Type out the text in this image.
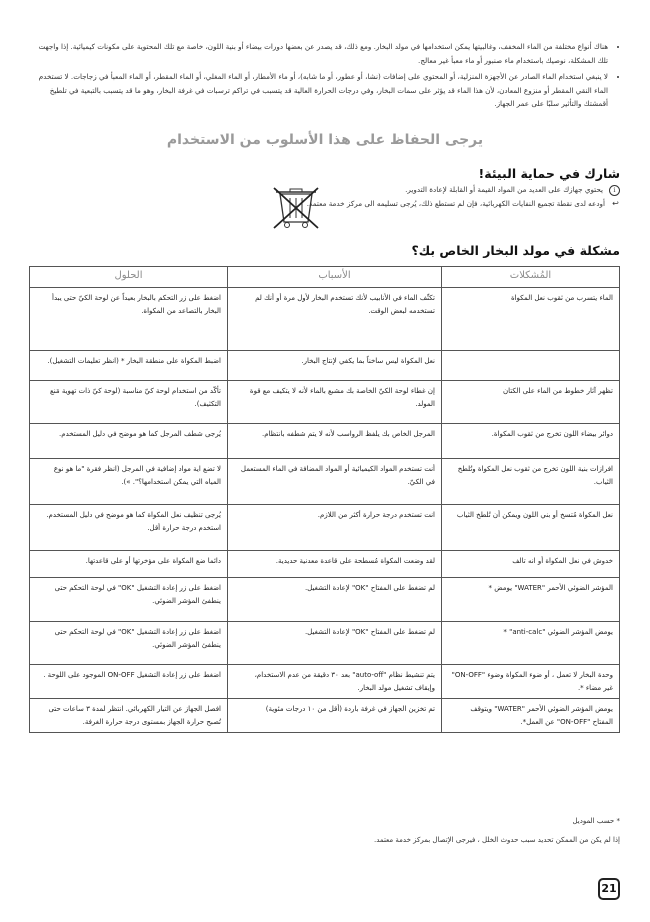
• هناك أنواع مختلفة من الماء المخفف، وغالبيتها يمكن استخدامها في مولد البخار. ومع ذلك، قد يصدر عن بعضها دورات بيضاء أو بنية اللون، خاصة مع تلك المحتوية على مكونات كيميائية. إذا واجهت تلك المشكلة، نوصيك باستخدام ماء صنبور أو ماء معبأ غير معالج.
• لا ينبغي استخدام الماء الصادر عن الأجهزة المنزلية، أو المحتوي على إضافات (نشا، أو عطور، أو ما شابه)، أو ماء الأمطار، أو الماء المغلي، أو الماء المقطر، أو الماء المعبأ في زجاجات. لا تستخدم الماء النقي المقطر أو منزوع المعادن، لأن هذا الماء قد يؤثر على سمات البخار، وفي درجات الحرارة العالية قد يتسبب في تراكم ترسبات في غرفة البخار، وهو ما قد يتسبب بالتبعية في تلطيخ أقمشتك والتأثير سلبًا على عمر الجهاز.
يرجى الحفاظ على هذا الأسلوب من الاستخدام
شارك في حماية البيئة!
i
يحتوي جهازك على العديد من المواد القيمة أو القابلة لإعادة التدوير.
↩
أودعه لدى نقطة تجميع النفايات الكهربائية، فإن لم تستطع ذلك، يُرجى تسليمه الى مركز خدمة معتمد.
مشكلة في مولد البخار الخاص بك؟
المُشكلات	الأسباب	الحلول
الماء يتسرب من ثقوب نعل المكواة	تكثّف الماء في الأنابيب لأنك تستخدم البخار لأول مرة أو أنك لم تستخدمه لبعض الوقت.	اضغط على زر التحكم بالبخار بعيداً عن لوحة الكيّ حتى يبدأ البخار بالتصاعد من المكواة.
	نعل المكواة ليس ساخناً بما يكفي لإنتاج البخار.	اضبط المكواة على منطقة البخار * (انظر تعليمات التشغيل).
تظهر آثار خطوط من الماء على الكتان	إن غطاء لوحة الكيّ الخاصة بك مشبع بالماء لأنه لا يتكيف مع قوة المولد.	تأكّد من استخدام لوحة كيّ مناسبة (لوحة كيّ ذات تهوية مَنع التكثيف).
دوائر بيضاء اللون تخرج من ثقوب المكواة.	المرجل الخاص بك يلفظ الرواسب لأنه لا يتم شطفه بانتظام.	يُرجى شطف المرجل كما هو موضح في دليل المستخدم.
افرازات بنية اللون تخرج من ثقوب نعل المكواة وتُلطخ الثياب.	أنت تستخدم المواد الكيميائية أو المواد المضافة في الماء المستعمل في الكيّ.	لا تضع اية مواد إضافية في المرجل (انظر فقرة "ما هو نوع المياه التي يمكن استخدامها؟". »).
نعل المكواة مُتسخ أو بني اللون ويمكن أن تُلطخ الثياب	انت تستخدم درجة حرارة أكثر من اللازم.	يُرجى تنظيف نعل المكواة كما هو موضح في دليل المستخدم. استخدم درجة حرارة أقل.
خدوش في نعل المكواة أو انه تالف	لقد وضعت المكواة مُسطحة على قاعدة معدنية حديدية.	دائما ضع المكواة على مؤخرتها أو على قاعدتها.
المؤشر الضوئي الأحمر "WATER" يومض *	لم تضغط على المفتاح "OK" لإعادة التشغيل.	اضغط على زر إعادة التشغيل "OK" في لوحة التحكم حتى ينطفئ المؤشر الضوئي.
يومض المؤشر الضوئي "anti-calc" *	لم تضغط على المفتاح "OK" لإعادة التشغيل.	اضغط على زر إعادة التشغيل "OK" في لوحة التحكم حتى ينطفئ المؤشر الضوئي.
وحدة البخار لا تعمل ، أو ضوء المكواة وضوء "ON-OFF" غير مضاء *.	يتم تنشيط نظام "auto-off" بعد ٣٠ دقيقة من عدم الاستخدام، وإيقاف تشغيل مولد البخار.	اضغط على زر إعادة التشغيل ON-OFF الموجود على اللوحة .
يومض المؤشر الضوئي الأحمر "WATER" ويتوقف المفتاح "ON-OFF" عن العمل*.	تم تخزين الجهاز في غرفة باردة (أقل من ١٠ درجات مئوية)	افصل الجهاز عن التيار الكهربائي. انتظر لمدة ٣ ساعات حتى تُصبح حرارة الجهاز بمستوى درجة حرارة الغرفة.
* حسب الموديل
إذا لم يكن من الممكن تحديد سبب حدوث الخلل ، فيرجى الإتصال بمركز خدمة معتمد.
21
